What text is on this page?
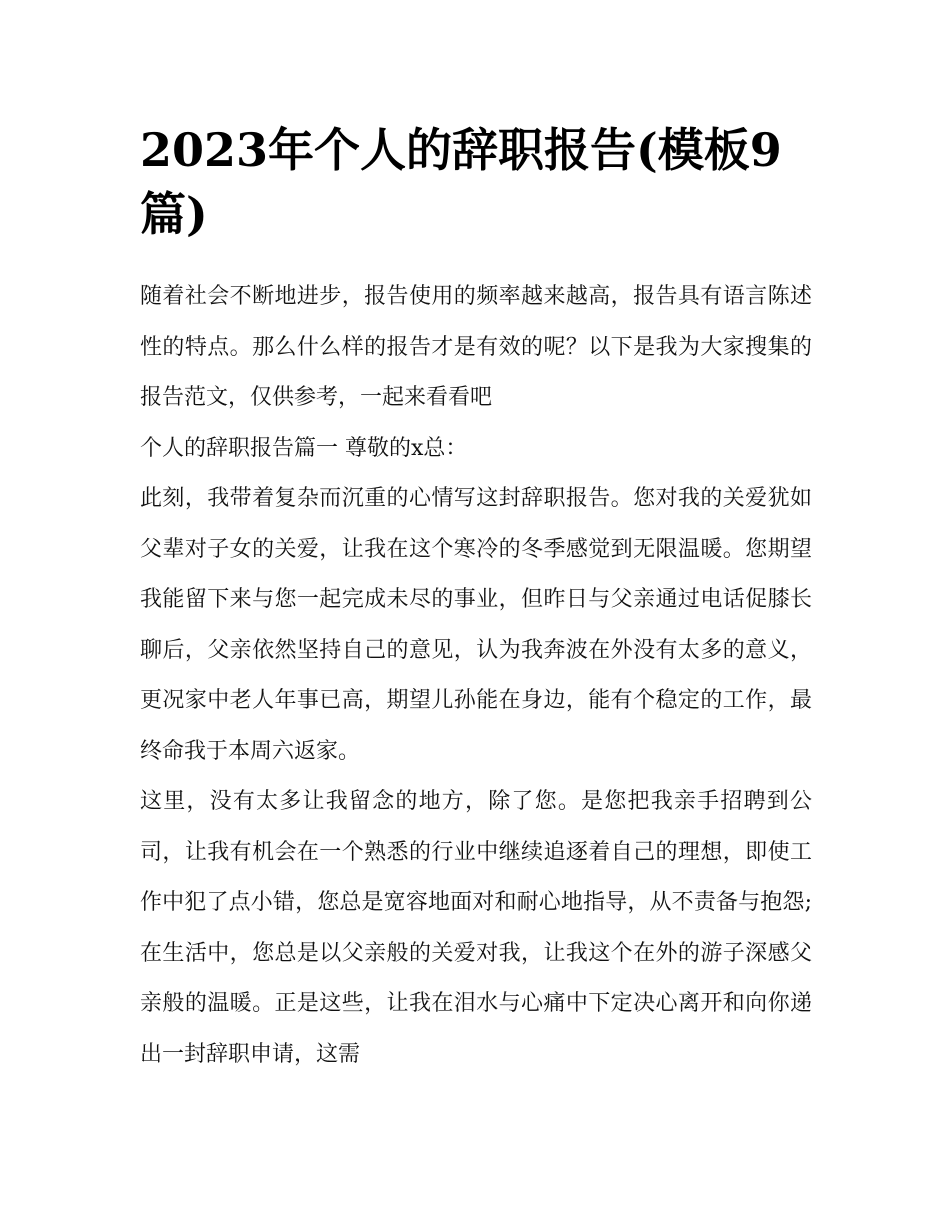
2023年个人的辞职报告(模板9篇)

随着社会不断地进步，报告使用的频率越来越高，报告具有语言陈述性的特点。那么什么样的报告才是有效的呢？以下是我为大家搜集的报告范文，仅供参考，一起来看看吧

个人的辞职报告篇一 尊敬的x总：

此刻，我带着复杂而沉重的心情写这封辞职报告。您对我的关爱犹如父辈对子女的关爱，让我在这个寒冷的冬季感觉到无限温暖。您期望我能留下来与您一起完成未尽的事业，但昨日与父亲通过电话促膝长聊后，父亲依然坚持自己的意见，认为我奔波在外没有太多的意义，更况家中老人年事已高，期望儿孙能在身边，能有个稳定的工作，最终命我于本周六返家。

这里，没有太多让我留念的地方，除了您。是您把我亲手招聘到公司，让我有机会在一个熟悉的行业中继续追逐着自己的理想，即使工作中犯了点小错，您总是宽容地面对和耐心地指导，从不责备与抱怨;在生活中，您总是以父亲般的关爱对我，让我这个在外的游子深感父亲般的温暖。正是这些，让我在泪水与心痛中下定决心离开和向你递出一封辞职申请，这需
